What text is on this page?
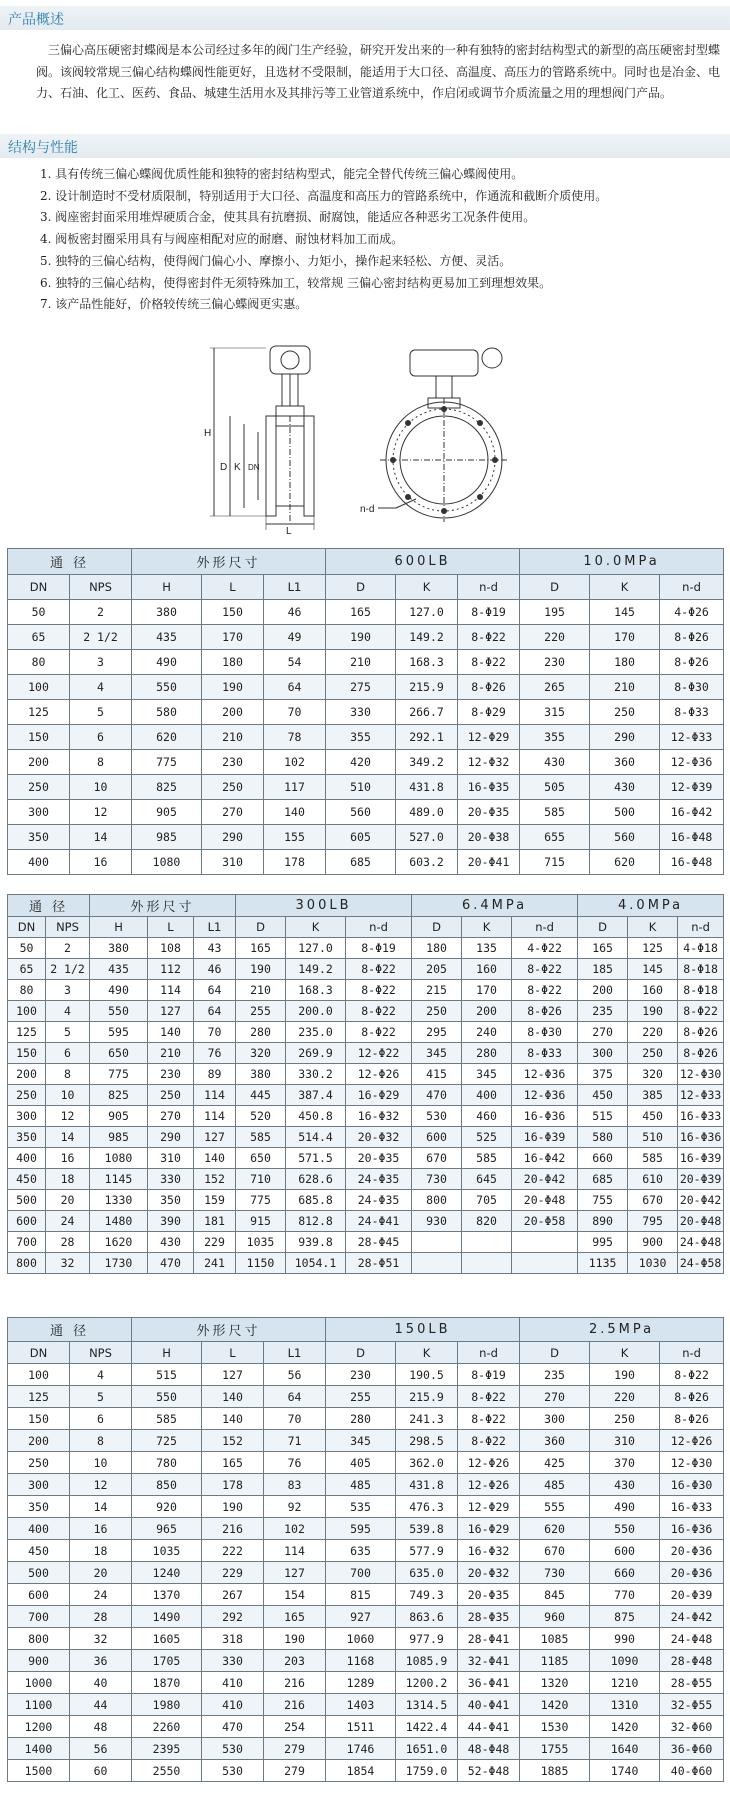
产品概述
三偏心高压硬密封蝶阀是本公司经过多年的阀门生产经验，研究开发出来的一种有独特的密封结构型式的新型的高压硬密封型蝶阀。该阀较常规三偏心结构蝶阀性能更好，且选材不受限制，能适用于大口径、高温度、高压力的管路系统中。同时也是冶金、电力、石油、化工、医药、食品、城建生活用水及其排污等工业管道系统中，作启闭或调节介质流量之用的理想阀门产品。
结构与性能
1. 具有传统三偏心蝶阀优质性能和独特的密封结构型式，能完全替代传统三偏心蝶阀使用。
2. 设计制造时不受材质限制，特别适用于大口径、高温度和高压力的管路系统中，作通流和截断介质使用。
3. 阀座密封面采用堆焊硬质合金，使其具有抗磨损、耐腐蚀，能适应各种恶劣工况条件使用。
4. 阀板密封圈采用具有与阀座相配对应的耐磨、耐蚀材料加工而成。
5. 独特的三偏心结构，使得阀门偏心小、摩擦小、力矩小，操作起来轻松、方便、灵活。
6. 独特的三偏心结构，使得密封件无须特殊加工，较常规 三偏心密封结构更易加工到理想效果。
7. 该产品性能好，价格较传统三偏心蝶阀更实惠。
H
D K DN
L
n-d
通 径		外形尺寸			600LB			10.0MPa		
DN	NPS	H	L	L1	D	K	n-d	D	K	n-d
50	2	380	150	46	165	127.0	8-Φ19	195	145	4-Φ26
65	2 1/2	435	170	49	190	149.2	8-Φ22	220	170	8-Φ26
80	3	490	180	54	210	168.3	8-Φ22	230	180	8-Φ26
100	4	550	190	64	275	215.9	8-Φ26	265	210	8-Φ30
125	5	580	200	70	330	266.7	8-Φ29	315	250	8-Φ33
150	6	620	210	78	355	292.1	12-Φ29	355	290	12-Φ33
200	8	775	230	102	420	349.2	12-Φ32	430	360	12-Φ36
250	10	825	250	117	510	431.8	16-Φ35	505	430	12-Φ39
300	12	905	270	140	560	489.0	20-Φ35	585	500	16-Φ42
350	14	985	290	155	605	527.0	20-Φ38	655	560	16-Φ48
400	16	1080	310	178	685	603.2	20-Φ41	715	620	16-Φ48
通 径		外形尺寸			300LB			6.4MPa			4.0MPa		
DN	NPS	H	L	L1	D	K	n-d	D	K	n-d	D	K	n-d
50	2	380	108	43	165	127.0	8-Φ19	180	135	4-Φ22	165	125	4-Φ18
65	2 1/2	435	112	46	190	149.2	8-Φ22	205	160	8-Φ22	185	145	8-Φ18
80	3	490	114	64	210	168.3	8-Φ22	215	170	8-Φ22	200	160	8-Φ18
100	4	550	127	64	255	200.0	8-Φ22	250	200	8-Φ26	235	190	8-Φ22
125	5	595	140	70	280	235.0	8-Φ22	295	240	8-Φ30	270	220	8-Φ26
150	6	650	210	76	320	269.9	12-Φ22	345	280	8-Φ33	300	250	8-Φ26
200	8	775	230	89	380	330.2	12-Φ26	415	345	12-Φ36	375	320	12-Φ30
250	10	825	250	114	445	387.4	16-Φ29	470	400	12-Φ36	450	385	12-Φ33
300	12	905	270	114	520	450.8	16-Φ32	530	460	16-Φ36	515	450	16-Φ33
350	14	985	290	127	585	514.4	20-Φ32	600	525	16-Φ39	580	510	16-Φ36
400	16	1080	310	140	650	571.5	20-Φ35	670	585	16-Φ42	660	585	16-Φ39
450	18	1145	330	152	710	628.6	24-Φ35	730	645	20-Φ42	685	610	20-Φ39
500	20	1330	350	159	775	685.8	24-Φ35	800	705	20-Φ48	755	670	20-Φ42
600	24	1480	390	181	915	812.8	24-Φ41	930	820	20-Φ58	890	795	20-Φ48
700	28	1620	430	229	1035	939.8	28-Φ45				995	900	24-Φ48
800	32	1730	470	241	1150	1054.1	28-Φ51				1135	1030	24-Φ58
通 径		外形尺寸			150LB			2.5MPa		
DN	NPS	H	L	L1	D	K	n-d	D	K	n-d
100	4	515	127	56	230	190.5	8-Φ19	235	190	8-Φ22
125	5	550	140	64	255	215.9	8-Φ22	270	220	8-Φ26
150	6	585	140	70	280	241.3	8-Φ22	300	250	8-Φ26
200	8	725	152	71	345	298.5	8-Φ22	360	310	12-Φ26
250	10	780	165	76	405	362.0	12-Φ26	425	370	12-Φ30
300	12	850	178	83	485	431.8	12-Φ26	485	430	16-Φ30
350	14	920	190	92	535	476.3	12-Φ29	555	490	16-Φ33
400	16	965	216	102	595	539.8	16-Φ29	620	550	16-Φ36
450	18	1035	222	114	635	577.9	16-Φ32	670	600	20-Φ36
500	20	1240	229	127	700	635.0	20-Φ32	730	660	20-Φ36
600	24	1370	267	154	815	749.3	20-Φ35	845	770	20-Φ39
700	28	1490	292	165	927	863.6	28-Φ35	960	875	24-Φ42
800	32	1605	318	190	1060	977.9	28-Φ41	1085	990	24-Φ48
900	36	1705	330	203	1168	1085.9	32-Φ41	1185	1090	28-Φ48
1000	40	1870	410	216	1289	1200.2	36-Φ41	1320	1210	28-Φ55
1100	44	1980	410	216	1403	1314.5	40-Φ41	1420	1310	32-Φ55
1200	48	2260	470	254	1511	1422.4	44-Φ41	1530	1420	32-Φ60
1400	56	2395	530	279	1746	1651.0	48-Φ48	1755	1640	36-Φ60
1500	60	2550	530	279	1854	1759.0	52-Φ48	1885	1740	40-Φ60
